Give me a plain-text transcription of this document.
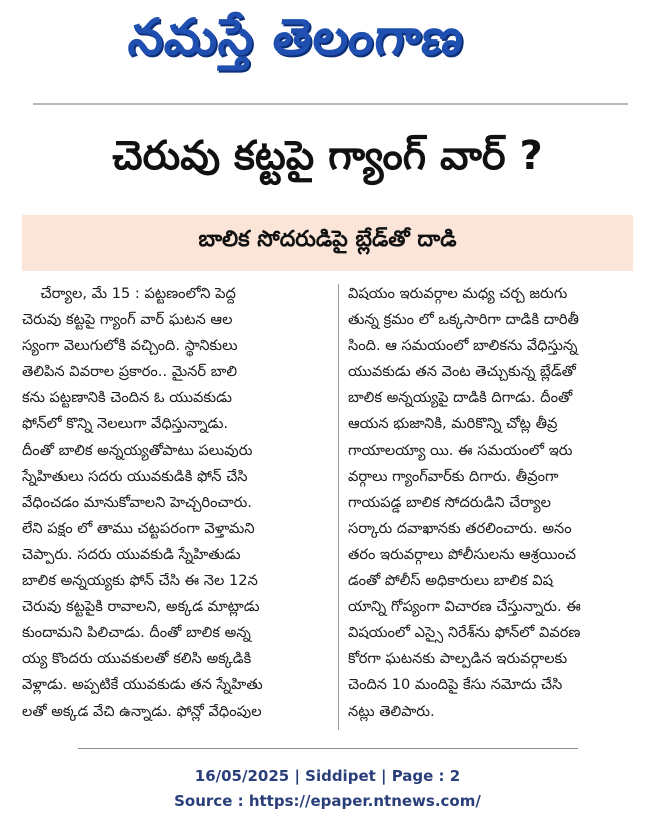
నమస్తే తెలంగాణ
చెరువు కట్టపై గ్యాంగ్ వార్ ?
బాలిక సోదరుడిపై బ్లేడ్‌తో దాడి
చేర్యాల, మే 15 : పట్టణంలోని పెద్ద
చెరువు కట్టపై గ్యాంగ్ వార్ ఘటన ఆల
స్యంగా వెలుగులోకి వచ్చింది. స్థానికులు
తెలిపిన వివరాల ప్రకారం.. మైనర్ బాలి
కను పట్టణానికి చెందిన ఓ యువకుడు
ఫోన్‌లో కొన్ని నెలలుగా వేధిస్తున్నాడు.
దీంతో బాలిక అన్నయ్యతోపాటు పలువురు
స్నేహితులు సదరు యువకుడికి ఫోన్ చేసి
వేధించడం మానుకోవాలని హెచ్చరించారు.
లేని పక్షం లో తాము చట్టపరంగా వెళ్తామని
చెప్పారు. సదరు యువకుడి స్నేహితుడు
బాలిక అన్నయ్యకు ఫోన్ చేసి ఈ నెల 12న
చెరువు కట్టపైకి రావాలని, అక్కడ మాట్లాడు
కుందామని పిలిచాడు. దీంతో బాలిక అన్న
య్య కొందరు యువకులతో కలిసి అక్కడికి
వెళ్లాడు. అప్పటికే యువకుడు తన స్నేహితు
లతో అక్కడ వేచి ఉన్నాడు. ఫోన్లో వేధింపుల
విషయం ఇరువర్గాల మధ్య చర్చ జరుగు
తున్న క్రమం లో ఒక్కసారిగా దాడికి దారితీ
సింది. ఆ సమయంలో బాలికను వేధిస్తున్న
యువకుడు తన వెంట తెచ్చుకున్న బ్లేడ్‌తో
బాలిక అన్నయ్యపై దాడికి దిగాడు. దీంతో
ఆయన భుజానికి, మరికొన్ని చోట్ల తీవ్ర
గాయాలయ్యా యి. ఈ సమయంలో ఇరు
వర్గాలు గ్యాంగ్‌వార్‌కు దిగారు. తీవ్రంగా
గాయపడ్డ బాలిక సోదరుడిని చేర్యాల
సర్కారు దవాఖానకు తరలించారు. అనం
తరం ఇరువర్గాలు పోలీసులను ఆశ్రయించ
డంతో పోలీస్ అధికారులు బాలిక విష
యాన్ని గోప్యంగా విచారణ చేస్తున్నారు. ఈ
విషయంలో ఎస్సై నిరేశ్‌ను ఫోన్‌లో వివరణ
కోరగా ఘటనకు పాల్పడిన ఇరువర్గాలకు
చెందిన 10 మందిపై కేసు నమోదు చేసి
నట్లు తెలిపారు.
16/05/2025 | Siddipet | Page : 2
Source : https://epaper.ntnews.com/
